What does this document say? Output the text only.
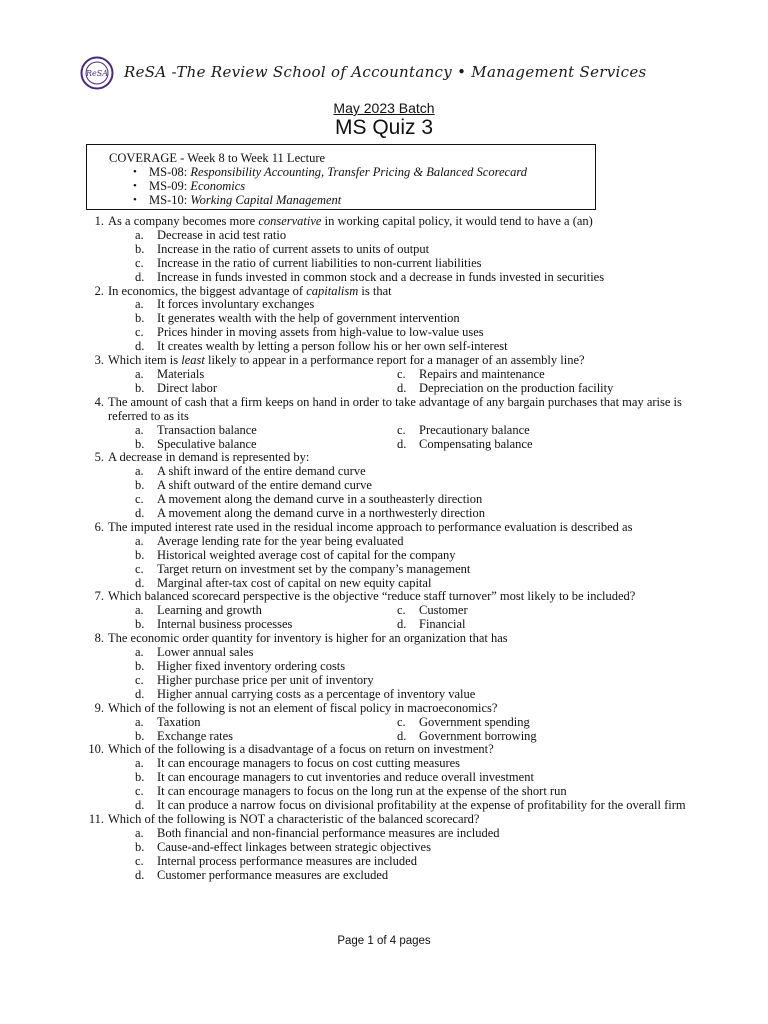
ReSA ReSA -The Review School of Accountancy • Management Services
May 2023 Batch
MS Quiz 3
COVERAGE - Week 8 to Week 11 Lecture
• MS-08: Responsibility Accounting, Transfer Pricing & Balanced Scorecard
• MS-09: Economics
• MS-10: Working Capital Management
1. As a company becomes more conservative in working capital policy, it would tend to have a (an)
a. Decrease in acid test ratio
b. Increase in the ratio of current assets to units of output
c. Increase in the ratio of current liabilities to non-current liabilities
d. Increase in funds invested in common stock and a decrease in funds invested in securities
2. In economics, the biggest advantage of capitalism is that
a. It forces involuntary exchanges
b. It generates wealth with the help of government intervention
c. Prices hinder in moving assets from high-value to low-value uses
d. It creates wealth by letting a person follow his or her own self-interest
3. Which item is least likely to appear in a performance report for a manager of an assembly line?
a. Materials	c. Repairs and maintenance
b. Direct labor	d. Depreciation on the production facility
4. The amount of cash that a firm keeps on hand in order to take advantage of any bargain purchases that may arise is referred to as its
a. Transaction balance	c. Precautionary balance
b. Speculative balance	d. Compensating balance
5. A decrease in demand is represented by:
a. A shift inward of the entire demand curve
b. A shift outward of the entire demand curve
c. A movement along the demand curve in a southeasterly direction
d. A movement along the demand curve in a northwesterly direction
6. The imputed interest rate used in the residual income approach to performance evaluation is described as
a. Average lending rate for the year being evaluated
b. Historical weighted average cost of capital for the company
c. Target return on investment set by the company’s management
d. Marginal after-tax cost of capital on new equity capital
7. Which balanced scorecard perspective is the objective “reduce staff turnover” most likely to be included?
a. Learning and growth	c. Customer
b. Internal business processes	d. Financial
8. The economic order quantity for inventory is higher for an organization that has
a. Lower annual sales
b. Higher fixed inventory ordering costs
c. Higher purchase price per unit of inventory
d. Higher annual carrying costs as a percentage of inventory value
9. Which of the following is not an element of fiscal policy in macroeconomics?
a. Taxation	c. Government spending
b. Exchange rates	d. Government borrowing
10. Which of the following is a disadvantage of a focus on return on investment?
a. It can encourage managers to focus on cost cutting measures
b. It can encourage managers to cut inventories and reduce overall investment
c. It can encourage managers to focus on the long run at the expense of the short run
d. It can produce a narrow focus on divisional profitability at the expense of profitability for the overall firm
11. Which of the following is NOT a characteristic of the balanced scorecard?
a. Both financial and non-financial performance measures are included
b. Cause-and-effect linkages between strategic objectives
c. Internal process performance measures are included
d. Customer performance measures are excluded
Page 1 of 4 pages
